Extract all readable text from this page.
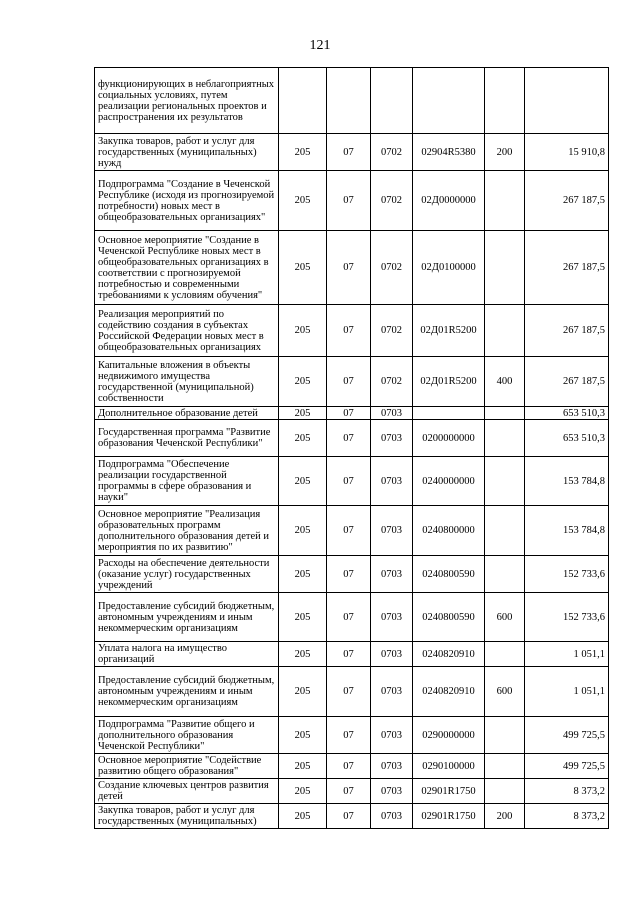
121
функционирующих в неблагоприятных социальных условиях, путем реализации региональных проектов и распространения их результатов						
Закупка товаров, работ и услуг для государственных (муниципальных) нужд	205	07	0702	02904R5380	200	15 910,8
Подпрограмма "Создание в Чеченской Республике (исходя из прогнозируемой потребности) новых мест в общеобразовательных организациях"	205	07	0702	02Д0000000		267 187,5
Основное мероприятие "Создание в Чеченской Республике новых мест в общеобразовательных организациях в соответствии с прогнозируемой потребностью и современными требованиями к условиям обучения"	205	07	0702	02Д0100000		267 187,5
Реализация мероприятий по содействию создания в субъектах Российской Федерации новых мест в общеобразовательных организациях	205	07	0702	02Д01R5200		267 187,5
Капитальные вложения в объекты недвижимого имущества государственной (муниципальной) собственности	205	07	0702	02Д01R5200	400	267 187,5
Дополнительное образование детей	205	07	0703			653 510,3
Государственная программа "Развитие образования Чеченской Республики"	205	07	0703	0200000000		653 510,3
Подпрограмма "Обеспечение реализации государственной программы в сфере образования и науки"	205	07	0703	0240000000		153 784,8
Основное мероприятие "Реализация образовательных программ дополнительного образования детей и мероприятия по их развитию"	205	07	0703	0240800000		153 784,8
Расходы на обеспечение деятельности (оказание услуг) государственных учреждений	205	07	0703	0240800590		152 733,6
Предоставление субсидий бюджетным, автономным учреждениям и иным некоммерческим организациям	205	07	0703	0240800590	600	152 733,6
Уплата налога на имущество организаций	205	07	0703	0240820910		1 051,1
Предоставление субсидий бюджетным, автономным учреждениям и иным некоммерческим организациям	205	07	0703	0240820910	600	1 051,1
Подпрограмма "Развитие общего и дополнительного образования Чеченской Республики"	205	07	0703	0290000000		499 725,5
Основное мероприятие "Содействие развитию общего образования"	205	07	0703	0290100000		499 725,5
Создание ключевых центров развития детей	205	07	0703	02901R1750		8 373,2
Закупка товаров, работ и услуг для государственных (муниципальных)	205	07	0703	02901R1750	200	8 373,2
